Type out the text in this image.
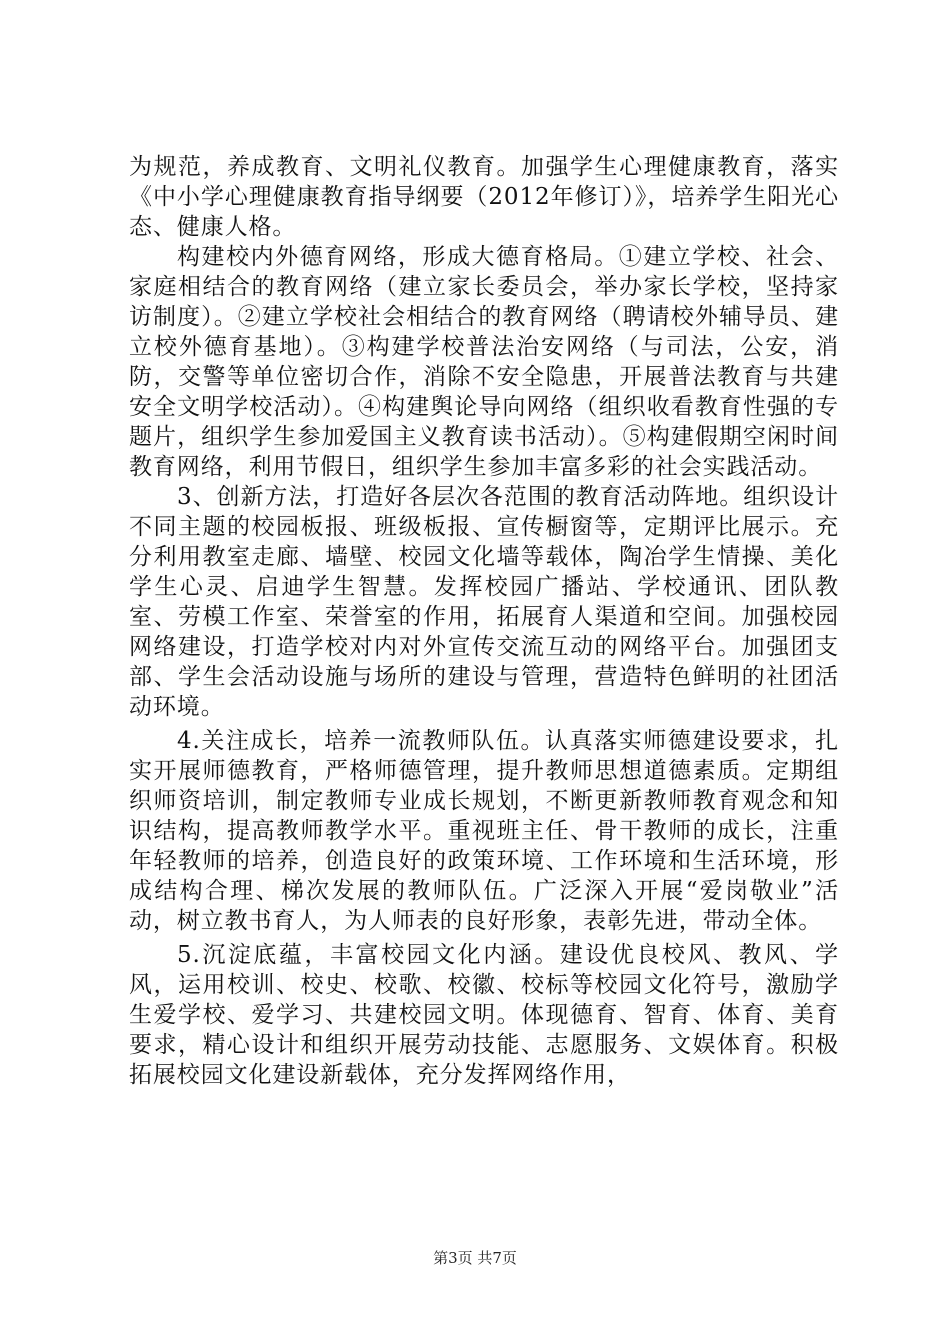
为规范，养成教育、文明礼仪教育。加强学生心理健康教育，落实《中小学心理健康教育指导纲要（2012年修订）》，培养学生阳光心态、健康人格。

构建校内外德育网络，形成大德育格局。①建立学校、社会、家庭相结合的教育网络（建立家长委员会，举办家长学校，坚持家访制度）。②建立学校社会相结合的教育网络（聘请校外辅导员、建立校外德育基地）。③构建学校普法治安网络（与司法，公安，消防，交警等单位密切合作，消除不安全隐患，开展普法教育与共建安全文明学校活动）。④构建舆论导向网络（组织收看教育性强的专题片，组织学生参加爱国主义教育读书活动）。⑤构建假期空闲时间教育网络，利用节假日，组织学生参加丰富多彩的社会实践活动。

3、创新方法，打造好各层次各范围的教育活动阵地。组织设计不同主题的校园板报、班级板报、宣传橱窗等，定期评比展示。充分利用教室走廊、墙壁、校园文化墙等载体，陶冶学生情操、美化学生心灵、启迪学生智慧。发挥校园广播站、学校通讯、团队教室、劳模工作室、荣誉室的作用，拓展育人渠道和空间。加强校园网络建设，打造学校对内对外宣传交流互动的网络平台。加强团支部、学生会活动设施与场所的建设与管理，营造特色鲜明的社团活动环境。

4.关注成长，培养一流教师队伍。认真落实师德建设要求，扎实开展师德教育，严格师德管理，提升教师思想道德素质。定期组织师资培训，制定教师专业成长规划，不断更新教师教育观念和知识结构，提高教师教学水平。重视班主任、骨干教师的成长，注重年轻教师的培养，创造良好的政策环境、工作环境和生活环境，形成结构合理、梯次发展的教师队伍。广泛深入开展“爱岗敬业”活动，树立教书育人，为人师表的良好形象，表彰先进，带动全体。

5.沉淀底蕴，丰富校园文化内涵。建设优良校风、教风、学风，运用校训、校史、校歌、校徽、校标等校园文化符号，激励学生爱学校、爱学习、共建校园文明。体现德育、智育、体育、美育要求，精心设计和组织开展劳动技能、志愿服务、文娱体育。积极拓展校园文化建设新载体，充分发挥网络作用，

第3页 共7页
